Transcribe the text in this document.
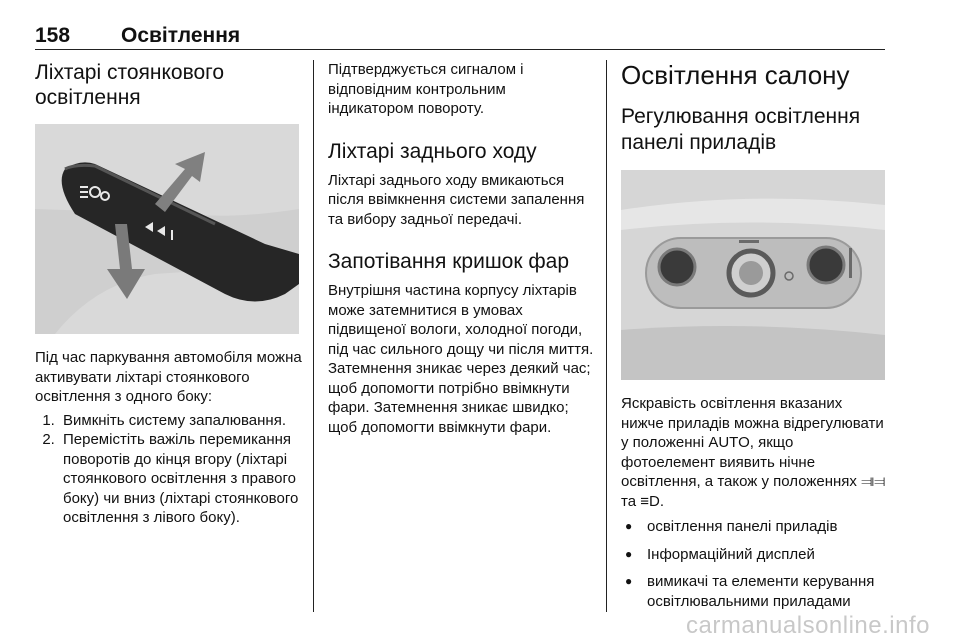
158 Освітлення
Ліхтарі стоянкового освітлення

Під час паркування автомобіля можна активувати ліхтарі стоянкового освітлення з одного боку:

1. Вимкніть систему запалювання.
2. Перемістіть важіль перемикання поворотів до кінця вгору (ліхтарі стоянкового освітлення з правого боку) чи вниз (ліхтарі стоянкового освітлення з лівого боку).

Підтверджується сигналом і відповідним контрольним індикатором повороту.

Ліхтарі заднього ходу

Ліхтарі заднього ходу вмикаються після ввімкнення системи запалення та вибору задньої передачі.

Запотівання кришок фар

Внутрішня частина корпусу ліхтарів може затемнитися в умовах підвищеної вологи, холодної погоди, під час сильного дощу чи після миття. Затемнення зникає через деякий час; щоб допомогти потрібно ввімкнути фари. Затемнення зникає швидко; щоб допомогти ввімкнути фари.

Освітлення салону
Регулювання освітлення панелі приладів

Яскравість освітлення вказаних нижче приладів можна відрегулювати у положенні AUTO, якщо фотоелемент виявить нічне освітлення, а також у положеннях ⫥⫤ та ≡D.

● освітлення панелі приладів
● Інформаційний дисплей
● вимикачі та елементи керування освітлювальними приладами
carmanualsonline.info
